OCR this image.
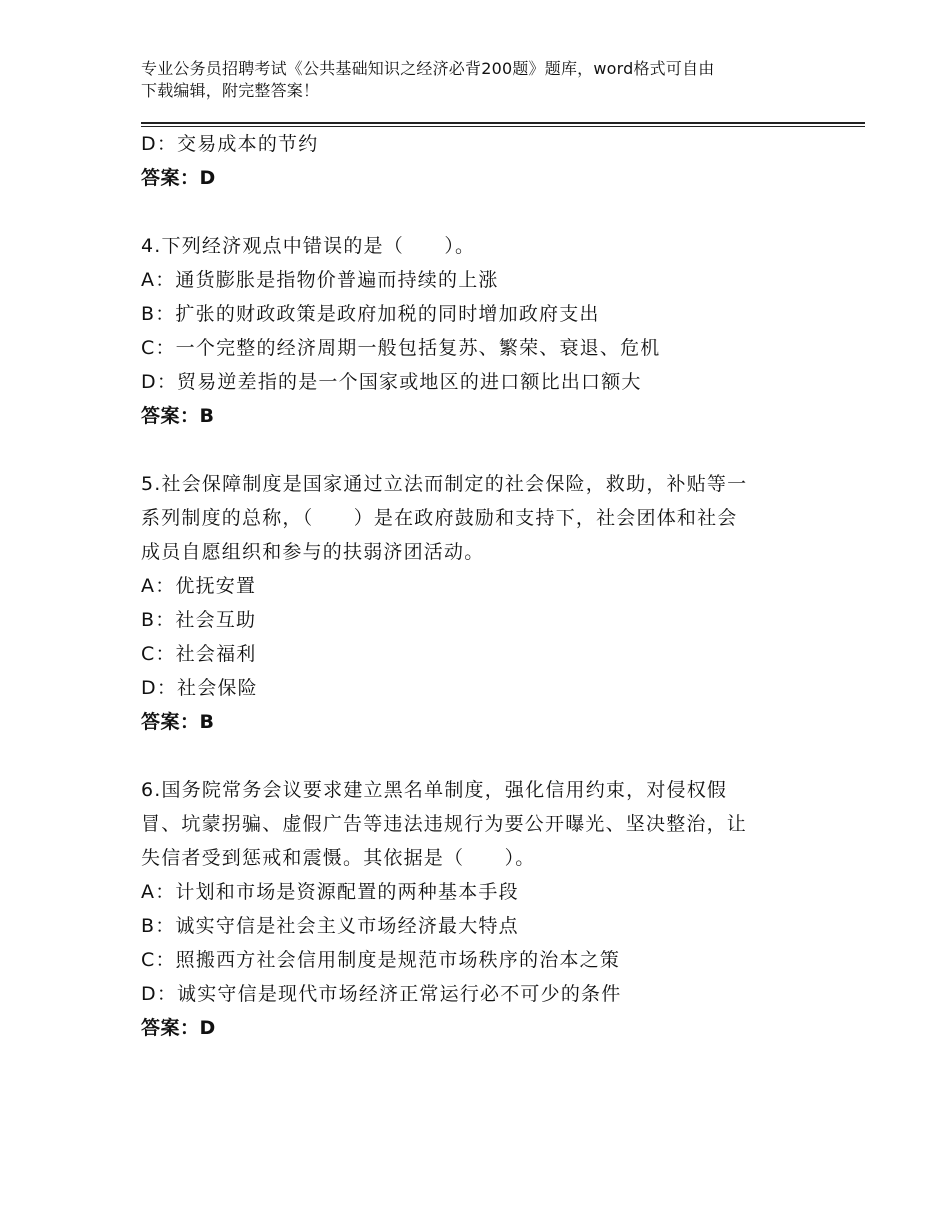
专业公务员招聘考试《公共基础知识之经济必背200题》题库，word格式可自由
下载编辑，附完整答案！
D：交易成本的节约
答案：D
4.下列经济观点中错误的是（　　）。
A：通货膨胀是指物价普遍而持续的上涨
B：扩张的财政政策是政府加税的同时增加政府支出
C：一个完整的经济周期一般包括复苏、繁荣、衰退、危机
D：贸易逆差指的是一个国家或地区的进口额比出口额大
答案：B
5.社会保障制度是国家通过立法而制定的社会保险，救助，补贴等一
系列制度的总称，（　　）是在政府鼓励和支持下，社会团体和社会
成员自愿组织和参与的扶弱济团活动。
A：优抚安置
B：社会互助
C：社会福利
D：社会保险
答案：B
6.国务院常务会议要求建立黑名单制度，强化信用约束，对侵权假
冒、坑蒙拐骗、虚假广告等违法违规行为要公开曝光、坚决整治，让
失信者受到惩戒和震慑。其依据是（　　）。
A：计划和市场是资源配置的两种基本手段
B：诚实守信是社会主义市场经济最大特点
C：照搬西方社会信用制度是规范市场秩序的治本之策
D：诚实守信是现代市场经济正常运行必不可少的条件
答案：D
